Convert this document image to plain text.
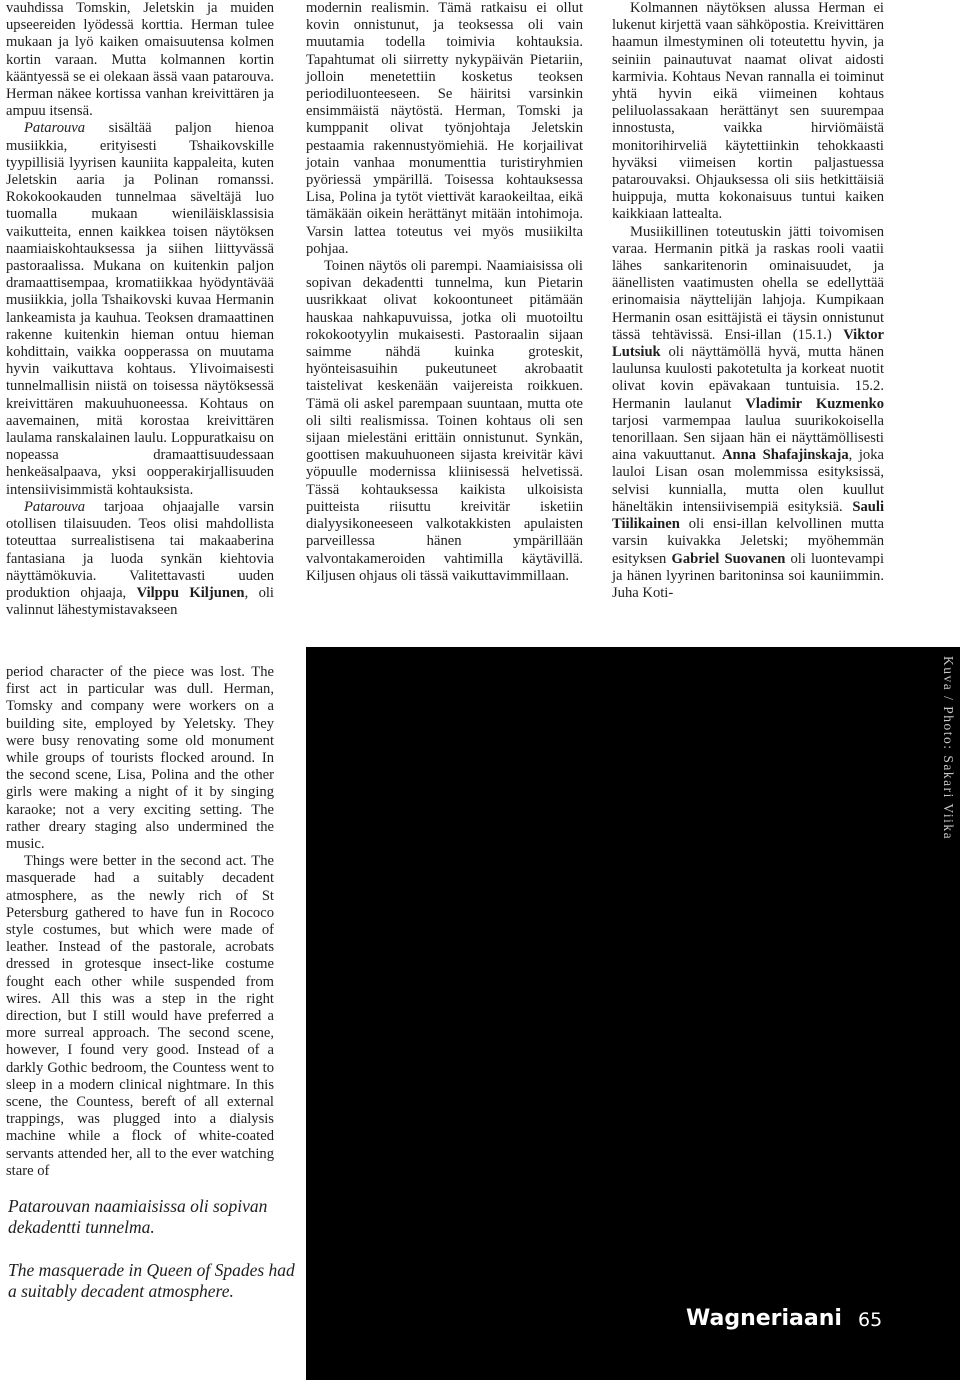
vauhdissa Tomskin, Jeletskin ja muiden upseereiden lyödessä korttia. Herman tulee mukaan ja lyö kaiken omaisuutensa kolmen kortin varaan. Mutta kolmannen kortin kääntyessä se ei olekaan ässä vaan patarouva. Herman näkee kortissa vanhan kreivittären ja ampuu itsensä.

Patarouva sisältää paljon hienoa musiikkia, erityisesti Tshaikovskille tyypillisiä lyyrisen kauniita kappaleita, kuten Jeletskin aaria ja Polinan romanssi. Rokokookauden tunnelmaa säveltäjä luo tuomalla mukaan wieniläisklassisia vaikutteita, ennen kaikkea toisen näytöksen naamiaiskohtauksessa ja siihen liittyvässä pastoraalissa. Mukana on kuitenkin paljon dramaattisempaa, kromatiikkaa hyödyntävää musiikkia, jolla Tshaikovski kuvaa Hermanin lankeamista ja kauhua. Teoksen dramaattinen rakenne kuitenkin hieman ontuu hieman kohdittain, vaikka oopperassa on muutama hyvin vaikuttava kohtaus. Ylivoimaisesti tunnelmallisin niistä on toisessa näytöksessä kreivittären makuuhuoneessa. Kohtaus on aavemainen, mitä korostaa kreivittären laulama ranskalainen laulu. Loppuratkaisu on nopeassa dramaattisuudessaan henkeäsalpaava, yksi oopperakirjallisuuden intensiivisimmistä kohtauksista.

Patarouva tarjoaa ohjaajalle varsin otollisen tilaisuuden. Teos olisi mahdollista toteuttaa surrealistisena tai makaaberina fantasiana ja luoda synkän kiehtovia näyttämökuvia. Valitettavasti uuden produktion ohjaaja, Vilppu Kiljunen, oli valinnut lähestymistavakseen

modernin realismin. Tämä ratkaisu ei ollut kovin onnistunut, ja teoksessa oli vain muutamia todella toimivia kohtauksia. Tapahtumat oli siirretty nykypäivän Pietariin, jolloin menetettiin kosketus teoksen periodiluonteeseen. Se häiritsi varsinkin ensimmäistä näytöstä. Herman, Tomski ja kumppanit olivat työnjohtaja Jeletskin pestaamia rakennustyömiehiä. He korjailivat jotain vanhaa monumenttia turistiryhmien pyöriessä ympärillä. Toisessa kohtauksessa Lisa, Polina ja tytöt viettivät karaokeiltaa, eikä tämäkään oikein herättänyt mitään intohimoja. Varsin lattea toteutus vei myös musiikilta pohjaa.

Toinen näytös oli parempi. Naamiaisissa oli sopivan dekadentti tunnelma, kun Pietarin uusrikkaat olivat kokoontuneet pitämään hauskaa nahkapuvuissa, jotka oli muotoiltu rokokootyylin mukaisesti. Pastoraalin sijaan saimme nähdä kuinka groteskit, hyönteisasuihin pukeutuneet akrobaatit taistelivat keskenään vaijereista roikkuen. Tämä oli askel parempaan suuntaan, mutta ote oli silti realismissa. Toinen kohtaus oli sen sijaan mielestäni erittäin onnistunut. Synkän, goottisen makuuhuoneen sijasta kreivitär kävi yöpuulle modernissa kliinisessä helvetissä. Tässä kohtauksessa kaikista ulkoisista puitteista riisuttu kreivitär isketiin dialyysikoneeseen valkotakkisten apulaisten parveillessa hänen ympärillään valvontakameroiden vahtimilla käytävillä. Kiljusen ohjaus oli tässä vaikuttavimmillaan.

Kolmannen näytöksen alussa Herman ei lukenut kirjettä vaan sähköpostia. Kreivittären haamun ilmestyminen oli toteutettu hyvin, ja seiniin painautuvat naamat olivat aidosti karmivia. Kohtaus Nevan rannalla ei toiminut yhtä hyvin eikä viimeinen kohtaus peliluolassakaan herättänyt sen suurempaa innostusta, vaikka hirviömäistä monitorihirveliä käytettiinkin tehokkaasti hyväksi viimeisen kortin paljastuessa patarouvaksi. Ohjauksessa oli siis hetkittäisiä huippuja, mutta kokonaisuus tuntui kaiken kaikkiaan lattealta.

Musiikillinen toteutuskin jätti toivomisen varaa. Hermanin pitkä ja raskas rooli vaatii lähes sankaritenorin ominaisuudet, ja äänellisten vaatimusten ohella se edellyttää erinomaisia näyttelijän lahjoja. Kumpikaan Hermanin osan esittäjistä ei täysin onnistunut tässä tehtävissä. Ensi-illan (15.1.) Viktor Lutsiuk oli näyttämöllä hyvä, mutta hänen laulunsa kuulosti pakotetulta ja korkeat nuotit olivat kovin epävakaan tuntuisia. 15.2. Hermanin laulanut Vladimir Kuzmenko tarjosi varmempaa laulua suurikokoisella tenorillaan. Sen sijaan hän ei näyttämöllisesti aina vakuuttanut. Anna Shafajinskaja, joka lauloi Lisan osan molemmissa esityksissä, selvisi kunnialla, mutta olen kuullut häneltäkin intensiivisempiä esityksiä. Sauli Tiilikainen oli ensi-illan kelvollinen mutta varsin kuivakka Jeletski; myöhemmän esityksen Gabriel Suovanen oli luontevampi ja hänen lyyrinen baritoninsa soi kauniimmin. Juha Koti-

Kuva / Photo: Sakari Viika
Wagneriaani 65

period character of the piece was lost. The first act in particular was dull. Herman, Tomsky and company were workers on a building site, employed by Yeletsky. They were busy renovating some old monument while groups of tourists flocked around. In the second scene, Lisa, Polina and the other girls were making a night of it by singing karaoke; not a very exciting setting. The rather dreary staging also undermined the music.

Things were better in the second act. The masquerade had a suitably decadent atmosphere, as the newly rich of St Petersburg gathered to have fun in Rococo style costumes, but which were made of leather. Instead of the pastorale, acrobats dressed in grotesque insect-like costume fought each other while suspended from wires. All this was a step in the right direction, but I still would have preferred a more surreal approach. The second scene, however, I found very good. Instead of a darkly Gothic bedroom, the Countess went to sleep in a modern clinical nightmare. In this scene, the Countess, bereft of all external trappings, was plugged into a dialysis machine while a flock of white-coated servants attended her, all to the ever watching stare of

Patarouvan naamiaisissa oli sopivan dekadentti tunnelma.
The masquerade in Queen of Spades had a suitably decadent atmosphere.
